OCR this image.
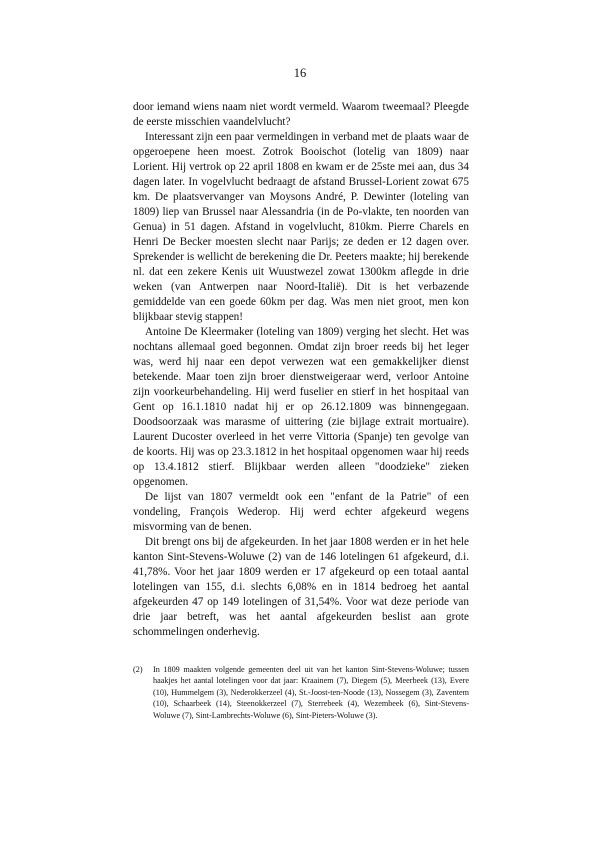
16

door iemand wiens naam niet wordt vermeld. Waarom tweemaal? Pleegde de eerste misschien vaandelvlucht?

Interessant zijn een paar vermeldingen in verband met de plaats waar de opgeroepene heen moest. Zotrok Booischot (lotelig van 1809) naar Lorient. Hij vertrok op 22 april 1808 en kwam er de 25ste mei aan, dus 34 dagen later. In vogelvlucht bedraagt de afstand Brussel-Lorient zowat 675 km. De plaatsvervanger van Moysons André, P. Dewinter (loteling van 1809) liep van Brussel naar Alessandria (in de Po-vlakte, ten noorden van Genua) in 51 dagen. Afstand in vogelvlucht, 810km. Pierre Charels en Henri De Becker moesten slecht naar Parijs; ze deden er 12 dagen over. Sprekender is wellicht de berekening die Dr. Peeters maakte; hij berekende nl. dat een zekere Kenis uit Wuustwezel zowat 1300km aflegde in drie weken (van Antwerpen naar Noord-Italië). Dit is het verbazende gemiddelde van een goede 60km per dag. Was men niet groot, men kon blijkbaar stevig stappen!

Antoine De Kleermaker (loteling van 1809) verging het slecht. Het was nochtans allemaal goed begonnen. Omdat zijn broer reeds bij het leger was, werd hij naar een depot verwezen wat een gemakkelijker dienst betekende. Maar toen zijn broer dienstweigeraar werd, verloor Antoine zijn voorkeurbehandeling. Hij werd fuselier en stierf in het hospitaal van Gent op 16.1.1810 nadat hij er op 26.12.1809 was binnengegaan. Doodsoorzaak was marasme of uittering (zie bijlage extrait mortuaire). Laurent Ducoster overleed in het verre Vittoria (Spanje) ten gevolge van de koorts. Hij was op 23.3.1812 in het hospitaal opgenomen waar hij reeds op 13.4.1812 stierf. Blijkbaar werden alleen "doodzieke" zieken opgenomen.

De lijst van 1807 vermeldt ook een "enfant de la Patrie" of een vondeling, François Wederop. Hij werd echter afgekeurd wegens misvorming van de benen.

Dit brengt ons bij de afgekeurden. In het jaar 1808 werden er in het hele kanton Sint-Stevens-Woluwe (2) van de 146 lotelingen 61 afgekeurd, d.i. 41,78%. Voor het jaar 1809 werden er 17 afgekeurd op een totaal aantal lotelingen van 155, d.i. slechts 6,08% en in 1814 bedroeg het aantal afgekeurden 47 op 149 lotelingen of 31,54%. Voor wat deze periode van drie jaar betreft, was het aantal afgekeurden beslist aan grote schommelingen onderhevig.

(2) In 1809 maakten volgende gemeenten deel uit van het kanton Sint-Stevens-Woluwe; tussen haakjes het aantal lotelingen voor dat jaar: Kraainem (7), Diegem (5), Meerbeek (13), Evere (10), Hummelgem (3), Nederokkerzeel (4), St.-Joost-ten-Noode (13), Nossegem (3), Zaventem (10), Schaarbeek (14), Steenokkerzeel (7), Sterrebeek (4), Wezembeek (6), Sint-Stevens-Woluwe (7), Sint-Lambrechts-Woluwe (6), Sint-Pieters-Woluwe (3).
